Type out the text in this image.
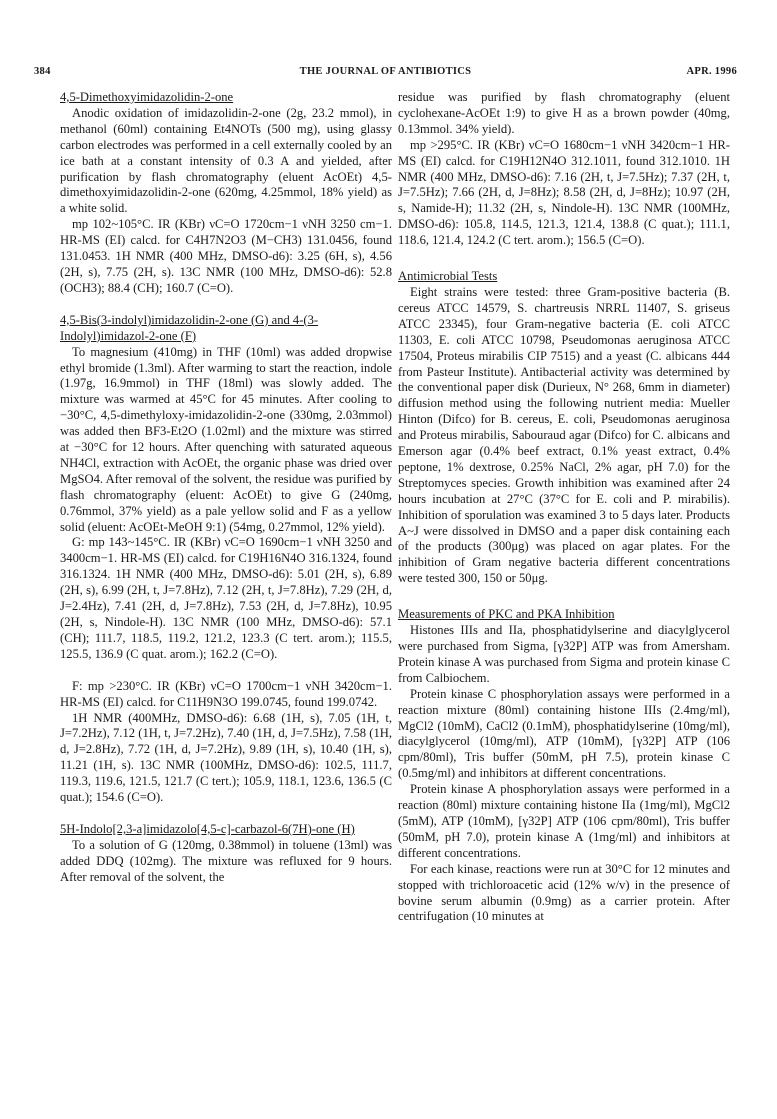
384	THE JOURNAL OF ANTIBIOTICS	APR. 1996
4,5-Dimethoxyimidazolidin-2-one

Anodic oxidation of imidazolidin-2-one (2g, 23.2 mmol), in methanol (60ml) containing Et4NOTs (500 mg), using glassy carbon electrodes was performed in a cell externally cooled by an ice bath at a constant intensity of 0.3 A and yielded, after purification by flash chromatography (eluent AcOEt) 4,5-dimethoxyimidazolidin-2-one (620mg, 4.25mmol, 18% yield) as a white solid.

mp 102~105°C. IR (KBr) νC=O 1720cm−1 νNH 3250 cm−1. HR-MS (EI) calcd. for C4H7N2O3 (M−CH3) 131.0456, found 131.0453. 1H NMR (400 MHz, DMSO-d6): 3.25 (6H, s), 4.56 (2H, s), 7.75 (2H, s). 13C NMR (100 MHz, DMSO-d6): 52.8 (OCH3); 88.4 (CH); 160.7 (C=O).

4,5-Bis(3-indolyl)imidazolidin-2-one (G) and 4-(3-Indolyl)imidazol-2-one (F)

To magnesium (410mg) in THF (10ml) was added dropwise ethyl bromide (1.3ml). After warming to start the reaction, indole (1.97g, 16.9mmol) in THF (18ml) was slowly added. The mixture was warmed at 45°C for 45 minutes. After cooling to −30°C, 4,5-dimethyloxy-imidazolidin-2-one (330mg, 2.03mmol) was added then BF3-Et2O (1.02ml) and the mixture was stirred at −30°C for 12 hours. After quenching with saturated aqueous NH4Cl, extraction with AcOEt, the organic phase was dried over MgSO4. After removal of the solvent, the residue was purified by flash chromatography (eluent: AcOEt) to give G (240mg, 0.76mmol, 37% yield) as a pale yellow solid and F as a yellow solid (eluent: AcOEt-MeOH 9:1) (54mg, 0.27mmol, 12% yield).

G: mp 143~145°C. IR (KBr) νC=O 1690cm−1 νNH 3250 and 3400cm−1. HR-MS (EI) calcd. for C19H16N4O 316.1324, found 316.1324. 1H NMR (400 MHz, DMSO-d6): 5.01 (2H, s), 6.89 (2H, s), 6.99 (2H, t, J=7.8Hz), 7.12 (2H, t, J=7.8Hz), 7.29 (2H, d, J=2.4Hz), 7.41 (2H, d, J=7.8Hz), 7.53 (2H, d, J=7.8Hz), 10.95 (2H, s, Nindole-H). 13C NMR (100 MHz, DMSO-d6): 57.1 (CH); 111.7, 118.5, 119.2, 121.2, 123.3 (C tert. arom.); 115.5, 125.5, 136.9 (C quat. arom.); 162.2 (C=O).

F: mp >230°C. IR (KBr) νC=O 1700cm−1 νNH 3420cm−1. HR-MS (EI) calcd. for C11H9N3O 199.0745, found 199.0742.

1H NMR (400MHz, DMSO-d6): 6.68 (1H, s), 7.05 (1H, t, J=7.2Hz), 7.12 (1H, t, J=7.2Hz), 7.40 (1H, d, J=7.5Hz), 7.58 (1H, d, J=2.8Hz), 7.72 (1H, d, J=7.2Hz), 9.89 (1H, s), 10.40 (1H, s), 11.21 (1H, s). 13C NMR (100MHz, DMSO-d6): 102.5, 111.7, 119.3, 119.6, 121.5, 121.7 (C tert.); 105.9, 118.1, 123.6, 136.5 (C quat.); 154.6 (C=O).

5H-Indolo[2,3-a]imidazolo[4,5-c]-carbazol-6(7H)-one (H)

To a solution of G (120mg, 0.38mmol) in toluene (13ml) was added DDQ (102mg). The mixture was refluxed for 9 hours. After removal of the solvent, the

residue was purified by flash chromatography (eluent cyclohexane-AcOEt 1:9) to give H as a brown powder (40mg, 0.13mmol. 34% yield).

mp >295°C. IR (KBr) νC=O 1680cm−1 νNH 3420cm−1 HR-MS (EI) calcd. for C19H12N4O 312.1011, found 312.1010. 1H NMR (400 MHz, DMSO-d6): 7.16 (2H, t, J=7.5Hz); 7.37 (2H, t, J=7.5Hz); 7.66 (2H, d, J=8Hz); 8.58 (2H, d, J=8Hz); 10.97 (2H, s, Namide-H); 11.32 (2H, s, Nindole-H). 13C NMR (100MHz, DMSO-d6): 105.8, 114.5, 121.3, 121.4, 138.8 (C quat.); 111.1, 118.6, 121.4, 124.2 (C tert. arom.); 156.5 (C=O).

Antimicrobial Tests

Eight strains were tested: three Gram-positive bacteria (B. cereus ATCC 14579, S. chartreusis NRRL 11407, S. griseus ATCC 23345), four Gram-negative bacteria (E. coli ATCC 11303, E. coli ATCC 10798, Pseudomonas aeruginosa ATCC 17504, Proteus mirabilis CIP 7515) and a yeast (C. albicans 444 from Pasteur Institute). Antibacterial activity was determined by the conventional paper disk (Durieux, N° 268, 6mm in diameter) diffusion method using the following nutrient media: Mueller Hinton (Difco) for B. cereus, E. coli, Pseudomonas aeruginosa and Proteus mirabilis, Sabouraud agar (Difco) for C. albicans and Emerson agar (0.4% beef extract, 0.1% yeast extract, 0.4% peptone, 1% dextrose, 0.25% NaCl, 2% agar, pH 7.0) for the Streptomyces species. Growth inhibition was examined after 24 hours incubation at 27°C (37°C for E. coli and P. mirabilis). Inhibition of sporulation was examined 3 to 5 days later. Products A~J were dissolved in DMSO and a paper disk containing each of the products (300μg) was placed on agar plates. For the inhibition of Gram negative bacteria different concentrations were tested 300, 150 or 50μg.

Measurements of PKC and PKA Inhibition

Histones IIIs and IIa, phosphatidylserine and diacylglycerol were purchased from Sigma, [γ32P] ATP was from Amersham. Protein kinase A was purchased from Sigma and protein kinase C from Calbiochem.

Protein kinase C phosphorylation assays were performed in a reaction mixture (80ml) containing histone IIIs (2.4mg/ml), MgCl2 (10mM), CaCl2 (0.1mM), phosphatidylserine (10mg/ml), diacylglycerol (10mg/ml), ATP (10mM), [γ32P] ATP (106 cpm/80ml), Tris buffer (50mM, pH 7.5), protein kinase C (0.5mg/ml) and inhibitors at different concentrations.

Protein kinase A phosphorylation assays were performed in a reaction (80ml) mixture containing histone IIa (1mg/ml), MgCl2 (5mM), ATP (10mM), [γ32P] ATP (106 cpm/80ml), Tris buffer (50mM, pH 7.0), protein kinase A (1mg/ml) and inhibitors at different concentrations.

For each kinase, reactions were run at 30°C for 12 minutes and stopped with trichloroacetic acid (12% w/v) in the presence of bovine serum albumin (0.9mg) as a carrier protein. After centrifugation (10 minutes at
